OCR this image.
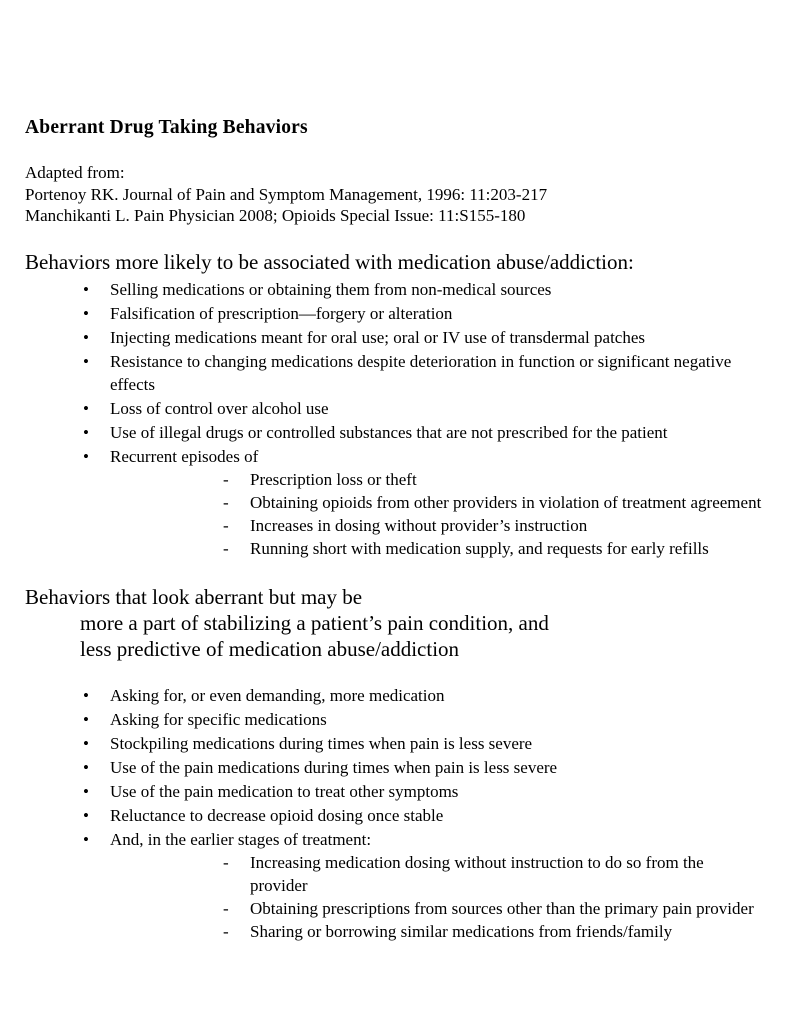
Aberrant Drug Taking Behaviors
Adapted from:
Portenoy RK. Journal of Pain and Symptom Management, 1996: 11:203-217
Manchikanti L. Pain Physician 2008; Opioids Special Issue: 11:S155-180
Behaviors more likely to be associated with medication abuse/addiction:
• Selling medications or obtaining them from non-medical sources
• Falsification of prescription—forgery or alteration
• Injecting medications meant for oral use; oral or IV use of transdermal patches
• Resistance to changing medications despite deterioration in function or significant negative effects
• Loss of control over alcohol use
• Use of illegal drugs or controlled substances that are not prescribed for the patient
• Recurrent episodes of
- Prescription loss or theft
- Obtaining opioids from other providers in violation of treatment agreement
- Increases in dosing without provider’s instruction
- Running short with medication supply, and requests for early refills
Behaviors that look aberrant but may be
more a part of stabilizing a patient’s pain condition, and
less predictive of medication abuse/addiction
• Asking for, or even demanding, more medication
• Asking for specific medications
• Stockpiling medications during times when pain is less severe
• Use of the pain medications during times when pain is less severe
• Use of the pain medication to treat other symptoms
• Reluctance to decrease opioid dosing once stable
• And, in the earlier stages of treatment:
- Increasing medication dosing without instruction to do so from the provider
- Obtaining prescriptions from sources other than the primary pain provider
- Sharing or borrowing similar medications from friends/family
